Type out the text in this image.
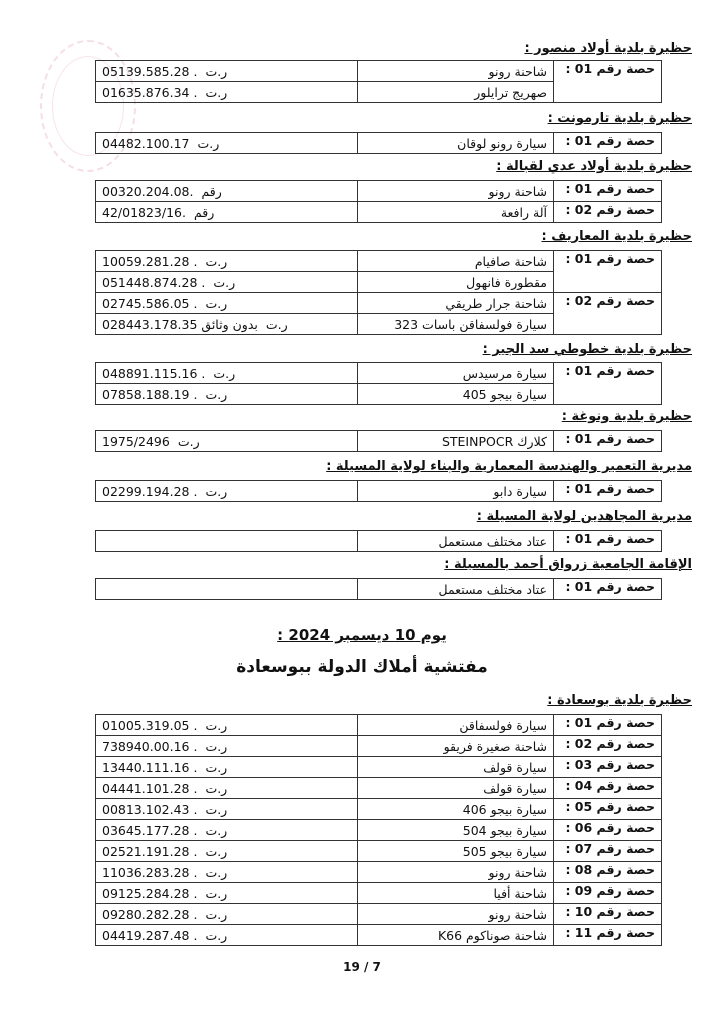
حظيرة بلدية أولاد منصور :
حصة رقم 01 :	شاحنة رونو	05139.585.28 . ر.ت
	صهريج ترايلور	01635.876.34 . ر.ت
حظيرة بلدية تارمونت :
حصة رقم 01 :	سيارة رونو لوقان	04482.100.17 ر.ت
حظيرة بلدية أولاد عدي لقبالة :
حصة رقم 01 :	شاحنة رونو	00320.204.08. رقم
حصة رقم 02 :	آلة رافعة	42/01823/16. رقم
حظيرة بلدية المعاريف :
حصة رقم 01 :	شاحنة صافيام	10059.281.28 . ر.ت
	مقطورة فانهول	051448.874.28 . ر.ت
حصة رقم 02 :	شاحنة جرار طريقي	02745.586.05 . ر.ت
	سيارة فولسفاقن باسات 323	028443.178.35 بدون وثائق ر.ت
حظيرة بلدية خطوطي سد الجير :
حصة رقم 01 :	سيارة مرسيدس	048891.115.16 . ر.ت
	سيارة بيجو 405	07858.188.19 . ر.ت
حظيرة بلدية ونوغة :
حصة رقم 01 :	كلارك STEINPOCR	1975/2496 ر.ت
مديرية التعمير والهندسة المعمارية والبناء لولاية المسيلة :
حصة رقم 01 :	سيارة دابو	02299.194.28 . ر.ت
مديرية المجاهدين لولاية المسيلة :
حصة رقم 01 :	عتاد مختلف مستعمل	
الإقامة الجامعية زرواق أحمد بالمسيلة :
حصة رقم 01 :	عتاد مختلف مستعمل	
يوم 10 ديسمبر 2024 :
مفتشية أملاك الدولة ببوسعادة
حظيرة بلدية بوسعادة :
حصة رقم 01 :	سيارة فولسفاقن	01005.319.05 . ر.ت
حصة رقم 02 :	شاحنة صغيرة فريقو	738940.00.16 . ر.ت
حصة رقم 03 :	سيارة قولف	13440.111.16 . ر.ت
حصة رقم 04 :	سيارة قولف	04441.101.28 . ر.ت
حصة رقم 05 :	سيارة بيجو 406	00813.102.43 . ر.ت
حصة رقم 06 :	سيارة بيجو 504	03645.177.28 . ر.ت
حصة رقم 07 :	سيارة بيجو 505	02521.191.28 . ر.ت
حصة رقم 08 :	شاحنة رونو	11036.283.28 . ر.ت
حصة رقم 09 :	شاحنة أفيا	09125.284.28 . ر.ت
حصة رقم 10 :	شاحنة رونو	09280.282.28 . ر.ت
حصة رقم 11 :	شاحنة صوناكوم K66	04419.287.48 . ر.ت
19 / 7
